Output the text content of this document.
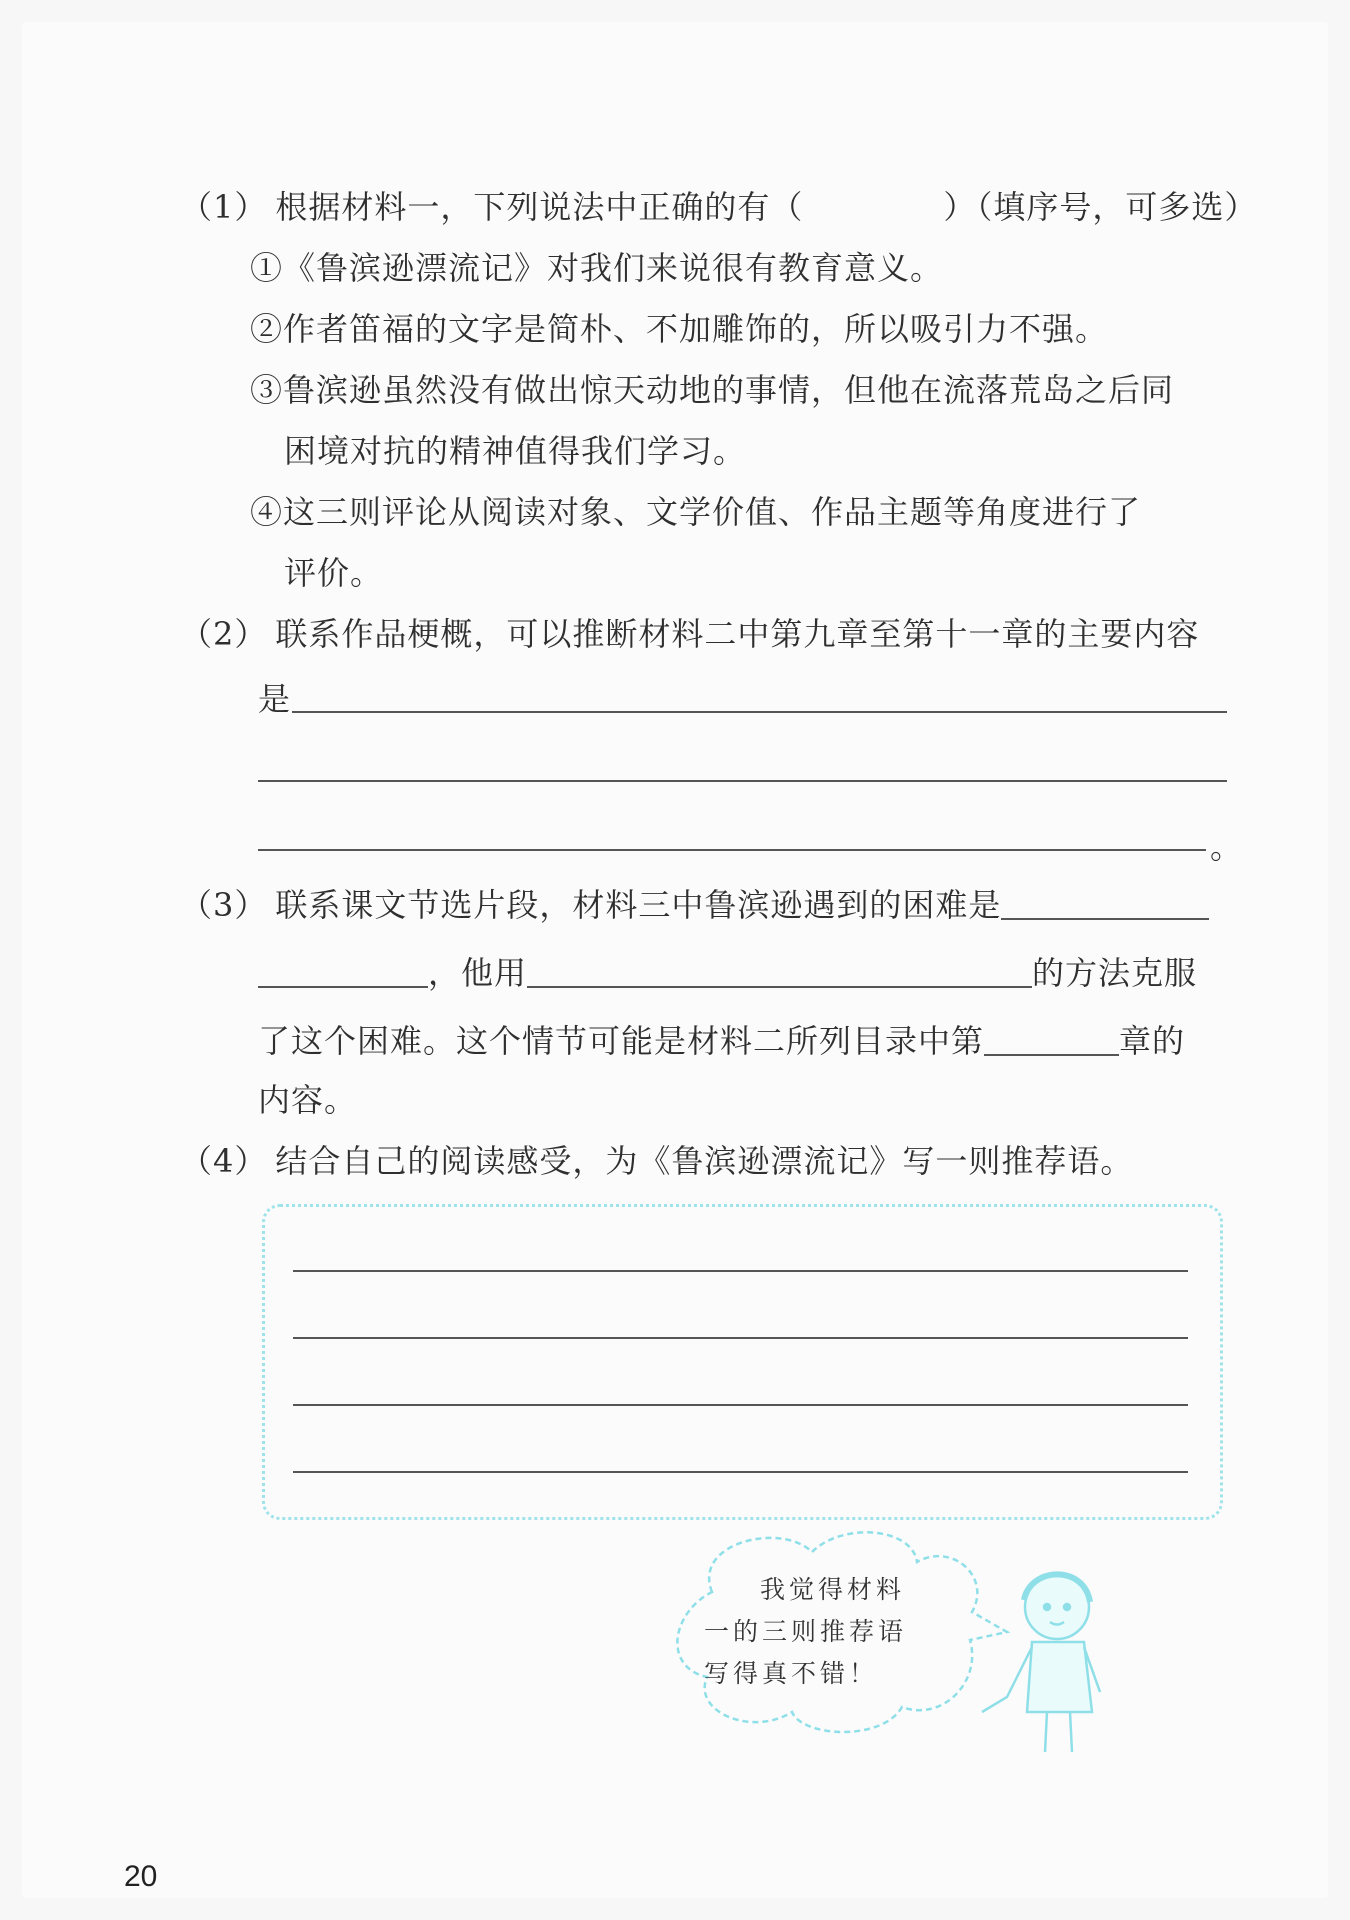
（1） 根据材料一，下列说法中正确的有（	）（填序号，可多选）
①《鲁滨逊漂流记》对我们来说很有教育意义。
②作者笛福的文字是简朴、不加雕饰的，所以吸引力不强。
③鲁滨逊虽然没有做出惊天动地的事情，但他在流落荒岛之后同
困境对抗的精神值得我们学习。
④这三则评论从阅读对象、文学价值、作品主题等角度进行了
评价。
（2） 联系作品梗概，可以推断材料二中第九章至第十一章的主要内容
是
。
（3） 联系课文节选片段，材料三中鲁滨逊遇到的困难是
，他用	的方法克服
了这个困难。这个情节可能是材料二所列目录中第	章的
内容。
（4） 结合自己的阅读感受，为《鲁滨逊漂流记》写一则推荐语。
我觉得材料
一的三则推荐语
写得真不错！
20
